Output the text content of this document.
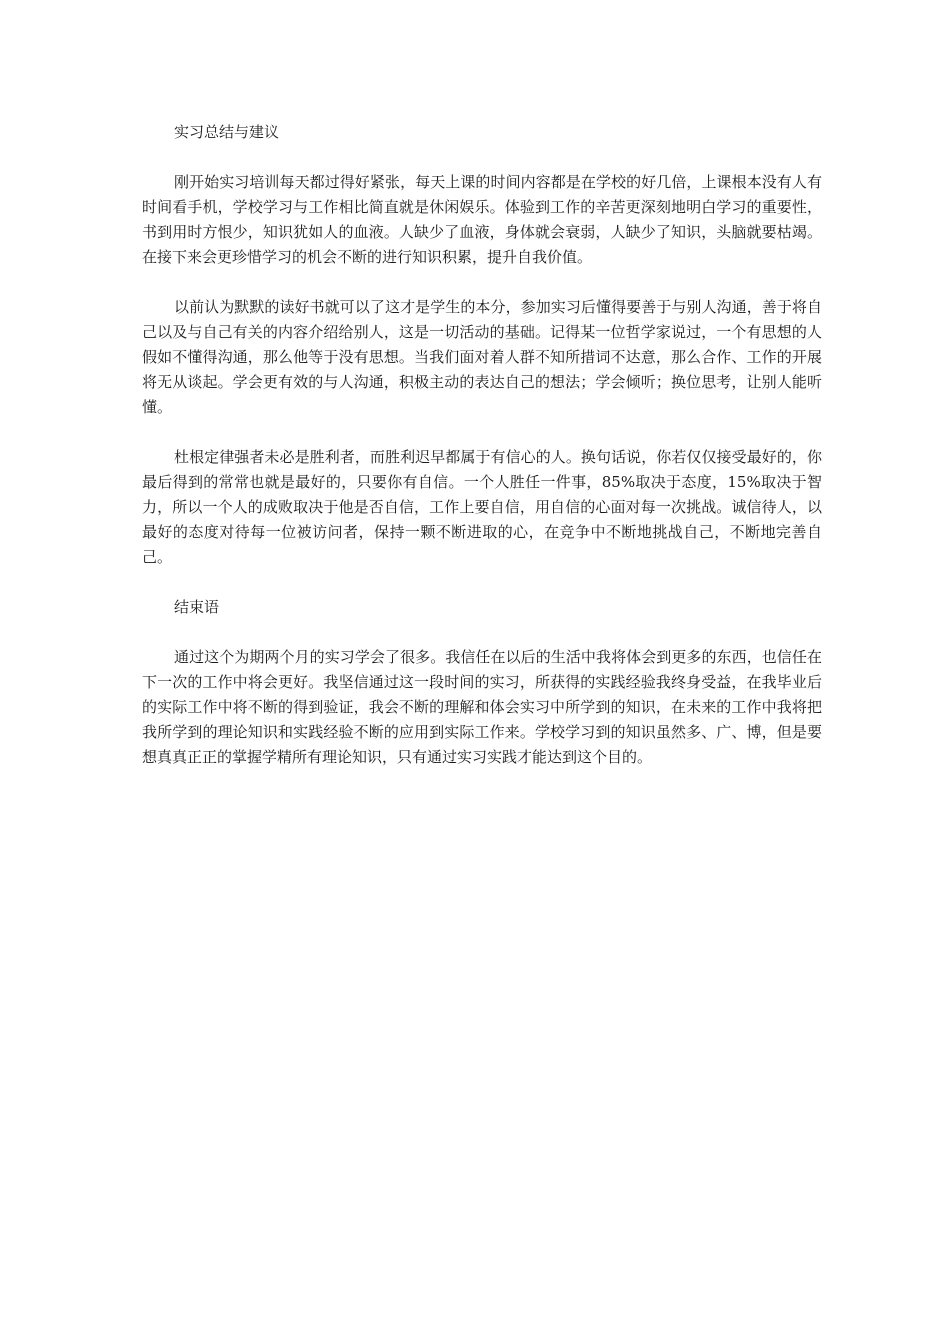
实习总结与建议

刚开始实习培训每天都过得好紧张，每天上课的时间内容都是在学校的好几倍，上课根本没有人有时间看手机，学校学习与工作相比简直就是休闲娱乐。体验到工作的辛苦更深刻地明白学习的重要性，书到用时方恨少，知识犹如人的血液。人缺少了血液，身体就会衰弱，人缺少了知识，头脑就要枯竭。在接下来会更珍惜学习的机会不断的进行知识积累，提升自我价值。

以前认为默默的读好书就可以了这才是学生的本分，参加实习后懂得要善于与别人沟通，善于将自己以及与自己有关的内容介绍给别人，这是一切活动的基础。记得某一位哲学家说过，一个有思想的人假如不懂得沟通，那么他等于没有思想。当我们面对着人群不知所措词不达意，那么合作、工作的开展将无从谈起。学会更有效的与人沟通，积极主动的表达自己的想法；学会倾听；换位思考，让别人能听懂。

杜根定律强者未必是胜利者，而胜利迟早都属于有信心的人。换句话说，你若仅仅接受最好的，你最后得到的常常也就是最好的，只要你有自信。一个人胜任一件事，85%取决于态度，15%取决于智力，所以一个人的成败取决于他是否自信，工作上要自信，用自信的心面对每一次挑战。诚信待人，以最好的态度对待每一位被访问者，保持一颗不断进取的心，在竞争中不断地挑战自己，不断地完善自己。

结束语

通过这个为期两个月的实习学会了很多。我信任在以后的生活中我将体会到更多的东西，也信任在下一次的工作中将会更好。我坚信通过这一段时间的实习，所获得的实践经验我终身受益，在我毕业后的实际工作中将不断的得到验证，我会不断的理解和体会实习中所学到的知识，在未来的工作中我将把我所学到的理论知识和实践经验不断的应用到实际工作来。学校学习到的知识虽然多、广、博，但是要想真真正正的掌握学精所有理论知识，只有通过实习实践才能达到这个目的。
